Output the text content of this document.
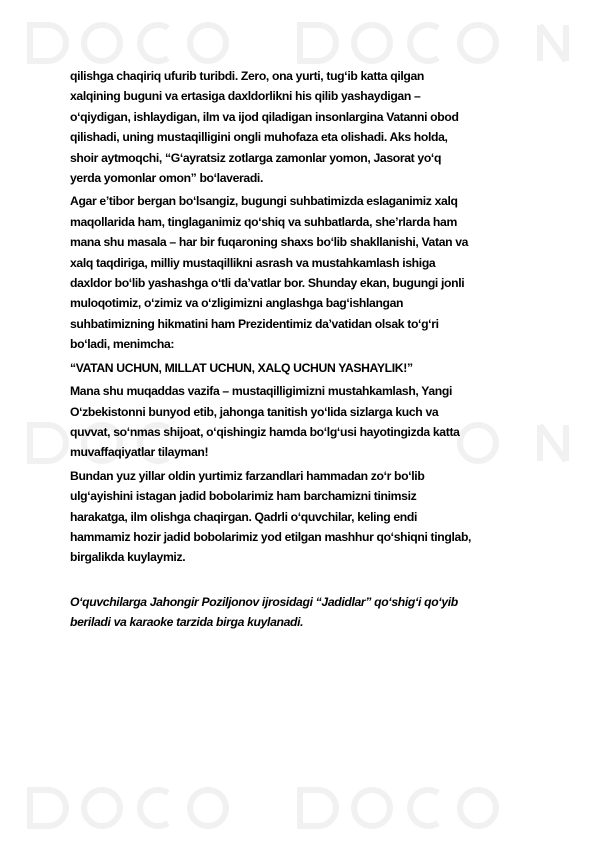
qilishga chaqiriq ufurib turibdi. Zero, ona yurti, tug‘ib katta qilgan
xalqining buguni va ertasiga daxldorlikni his qilib yashaydigan –
o‘qiydigan, ishlaydigan, ilm va ijod qiladigan insonlargina Vatanni obod
qilishadi, uning mustaqilligini ongli muhofaza eta olishadi. Aks holda,
shoir aytmoqchi, “G‘ayratsiz zotlarga zamonlar yomon, Jasorat yo‘q
yerda yomonlar omon” bo‘laveradi.

Agar e’tibor bergan bo‘lsangiz, bugungi suhbatimizda eslaganimiz xalq
maqollarida ham, tinglaganimiz qo‘shiq va suhbatlarda, she’rlarda ham
mana shu masala – har bir fuqaroning shaxs bo‘lib shakllanishi, Vatan va
xalq taqdiriga, milliy mustaqillikni asrash va mustahkamlash ishiga
daxldor bo‘lib yashashga o‘tli da’vatlar bor. Shunday ekan, bugungi jonli
muloqotimiz, o‘zimiz va o‘zligimizni anglashga bag‘ishlangan
suhbatimizning hikmatini ham Prezidentimiz da’vatidan olsak to‘g‘ri
bo‘ladi, menimcha:

“VATAN UCHUN, MILLAT UCHUN, XALQ UCHUN YASHAYLIK!”

Mana shu muqaddas vazifa – mustaqilligimizni mustahkamlash, Yangi
O‘zbekistonni bunyod etib, jahonga tanitish yo‘lida sizlarga kuch va
quvvat, so‘nmas shijoat, o‘qishingiz hamda bo‘lg‘usi hayotingizda katta
muvaffaqiyatlar tilayman!

Bundan yuz yillar oldin yurtimiz farzandlari hammadan zo‘r bo‘lib
ulg‘ayishini istagan jadid bobolarimiz ham barchamizni tinimsiz
harakatga, ilm olishga chaqirgan. Qadrli o‘quvchilar, keling endi
hammamiz hozir jadid bobolarimiz yod etilgan mashhur qo‘shiqni tinglab,
birgalikda kuylaymiz.

O‘quvchilarga Jahongir Poziljonov ijrosidagi “Jadidlar” qo‘shig‘i qo‘yib
beriladi va karaoke tarzida birga kuylanadi.
